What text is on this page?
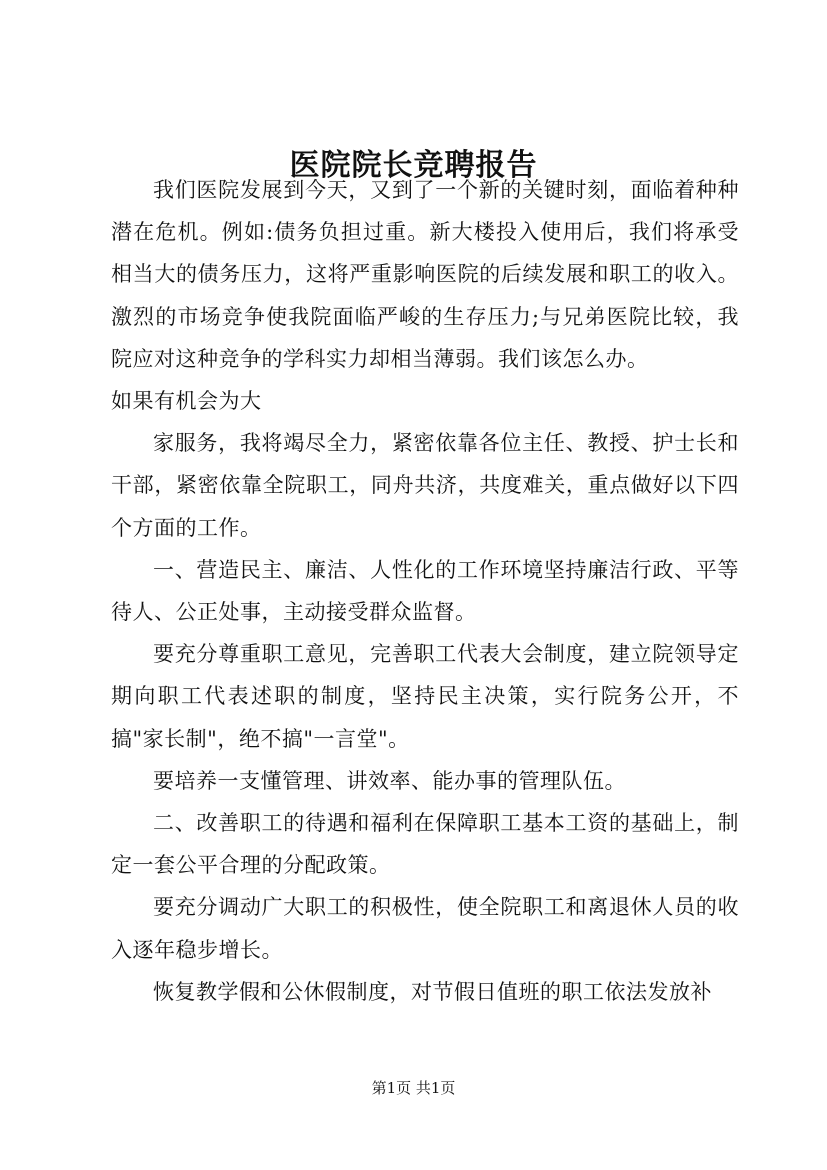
医院院长竞聘报告

我们医院发展到今天，又到了一个新的关键时刻，面临着种种潜在危机。例如:债务负担过重。新大楼投入使用后，我们将承受相当大的债务压力，这将严重影响医院的后续发展和职工的收入。激烈的市场竞争使我院面临严峻的生存压力;与兄弟医院比较，我院应对这种竞争的学科实力却相当薄弱。我们该怎么办。

如果有机会为大

家服务，我将竭尽全力，紧密依靠各位主任、教授、护士长和干部，紧密依靠全院职工，同舟共济，共度难关，重点做好以下四个方面的工作。

一、营造民主、廉洁、人性化的工作环境坚持廉洁行政、平等待人、公正处事，主动接受群众监督。

要充分尊重职工意见，完善职工代表大会制度，建立院领导定期向职工代表述职的制度，坚持民主决策，实行院务公开，不搞"家长制"，绝不搞"一言堂"。

要培养一支懂管理、讲效率、能办事的管理队伍。

二、改善职工的待遇和福利在保障职工基本工资的基础上，制定一套公平合理的分配政策。

要充分调动广大职工的积极性，使全院职工和离退休人员的收入逐年稳步增长。

恢复教学假和公休假制度，对节假日值班的职工依法发放补

第1页 共1页
